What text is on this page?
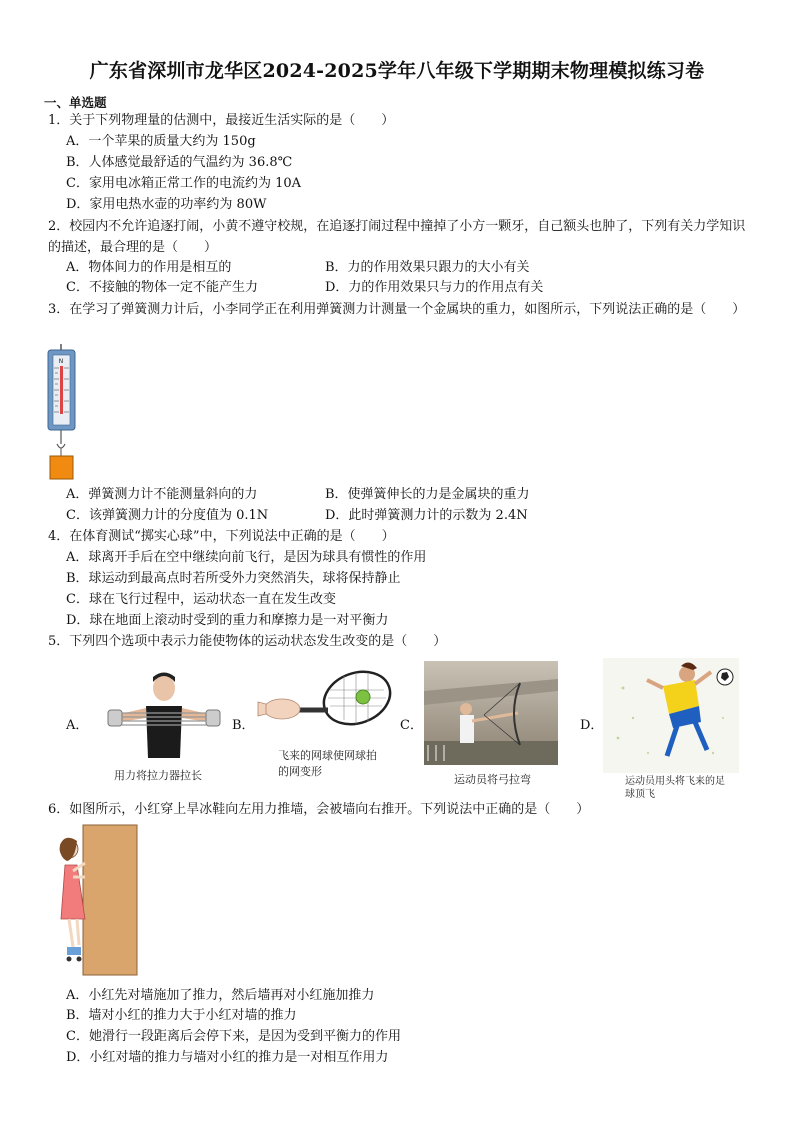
广东省深圳市龙华区2024-2025学年八年级下学期期末物理模拟练习卷
一、单选题
1．关于下列物理量的估测中，最接近生活实际的是（　　）
A．一个苹果的质量大约为 150g
B．人体感觉最舒适的气温约为 36.8℃
C．家用电冰箱正常工作的电流约为 10A
D．家用电热水壶的功率约为 80W
2．校园内不允许追逐打闹，小黄不遵守校规，在追逐打闹过程中撞掉了小方一颗牙，自己额头也肿了，下列有关力学知识的描述，最合理的是（　　）
A．物体间力的作用是相互的	B．力的作用效果只跟力的大小有关
C．不接触的物体一定不能产生力	D．力的作用效果只与力的作用点有关
3．在学习了弹簧测力计后，小李同学正在利用弹簧测力计测量一个金属块的重力，如图所示，下列说法正确的是（　　）
N
A．弹簧测力计不能测量斜向的力	B．使弹簧伸长的力是金属块的重力
C．该弹簧测力计的分度值为 0.1N	D．此时弹簧测力计的示数为 2.4N
4．在体育测试“掷实心球”中，下列说法中正确的是（　　）
A．球离开手后在空中继续向前飞行，是因为球具有惯性的作用
B．球运动到最高点时若所受外力突然消失，球将保持静止
C．球在飞行过程中，运动状态一直在发生改变
D．球在地面上滚动时受到的重力和摩擦力是一对平衡力
5．下列四个选项中表示力能使物体的运动状态发生改变的是（　　）
A．
用力将拉力器拉长
B．
飞来的网球使网球拍的网变形
C．
运动员将弓拉弯
D．
运动员用头将飞来的足球顶飞
6．如图所示，小红穿上旱冰鞋向左用力推墙，会被墙向右推开。下列说法中正确的是（　　）
A．小红先对墙施加了推力，然后墙再对小红施加推力
B．墙对小红的推力大于小红对墙的推力
C．她滑行一段距离后会停下来，是因为受到平衡力的作用
D．小红对墙的推力与墙对小红的推力是一对相互作用力
